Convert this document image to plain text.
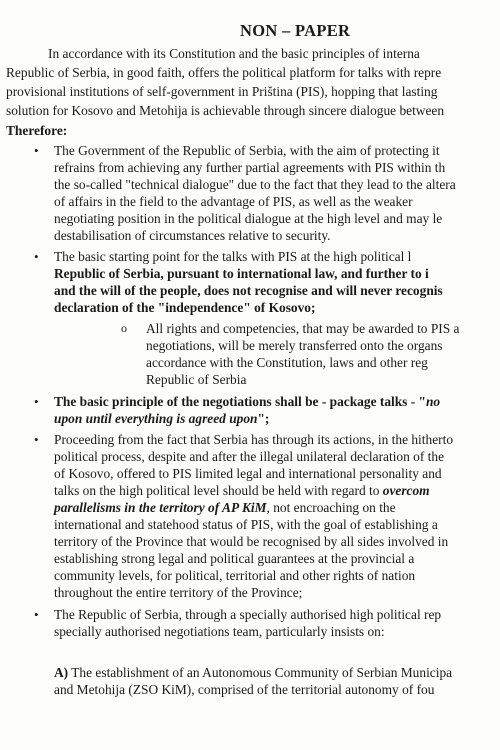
NON – PAPER
In accordance with its Constitution and the basic principles of interna
Republic of Serbia, in good faith, offers the political platform for talks with repre
provisional institutions of self-government in Priština (PIS), hopping that lasting
solution for Kosovo and Metohija is achievable through sincere dialogue between
Therefore:
• The Government of the Republic of Serbia, with the aim of protecting it
refrains from achieving any further partial agreements with PIS within th
the so-called "technical dialogue" due to the fact that they lead to the altera
of affairs in the field to the advantage of PIS, as well as the weaker
negotiating position in the political dialogue at the high level and may le
destabilisation of circumstances relative to security.
• The basic starting point for the talks with PIS at the high political l
Republic of Serbia, pursuant to international law, and further to i
and the will of the people, does not recognise and will never recognis
declaration of the "independence" of Kosovo;
o All rights and competencies, that may be awarded to PIS a
negotiations, will be merely transferred onto the organs
accordance with the Constitution, laws and other reg
Republic of Serbia
• The basic principle of the negotiations shall be - package talks - "no
upon until everything is agreed upon";
• Proceeding from the fact that Serbia has through its actions, in the hitherto
political process, despite and after the illegal unilateral declaration of the
of Kosovo, offered to PIS limited legal and international personality and
talks on the high political level should be held with regard to overcom
parallelisms in the territory of AP KiM, not encroaching on the
international and statehood status of PIS, with the goal of establishing a
territory of the Province that would be recognised by all sides involved in
establishing strong legal and political guarantees at the provincial a
community levels, for political, territorial and other rights of nation
throughout the entire territory of the Province;
• The Republic of Serbia, through a specially authorised high political rep
specially authorised negotiations team, particularly insists on:
A) The establishment of an Autonomous Community of Serbian Municipa
and Metohija (ZSO KiM), comprised of the territorial autonomy of fou
